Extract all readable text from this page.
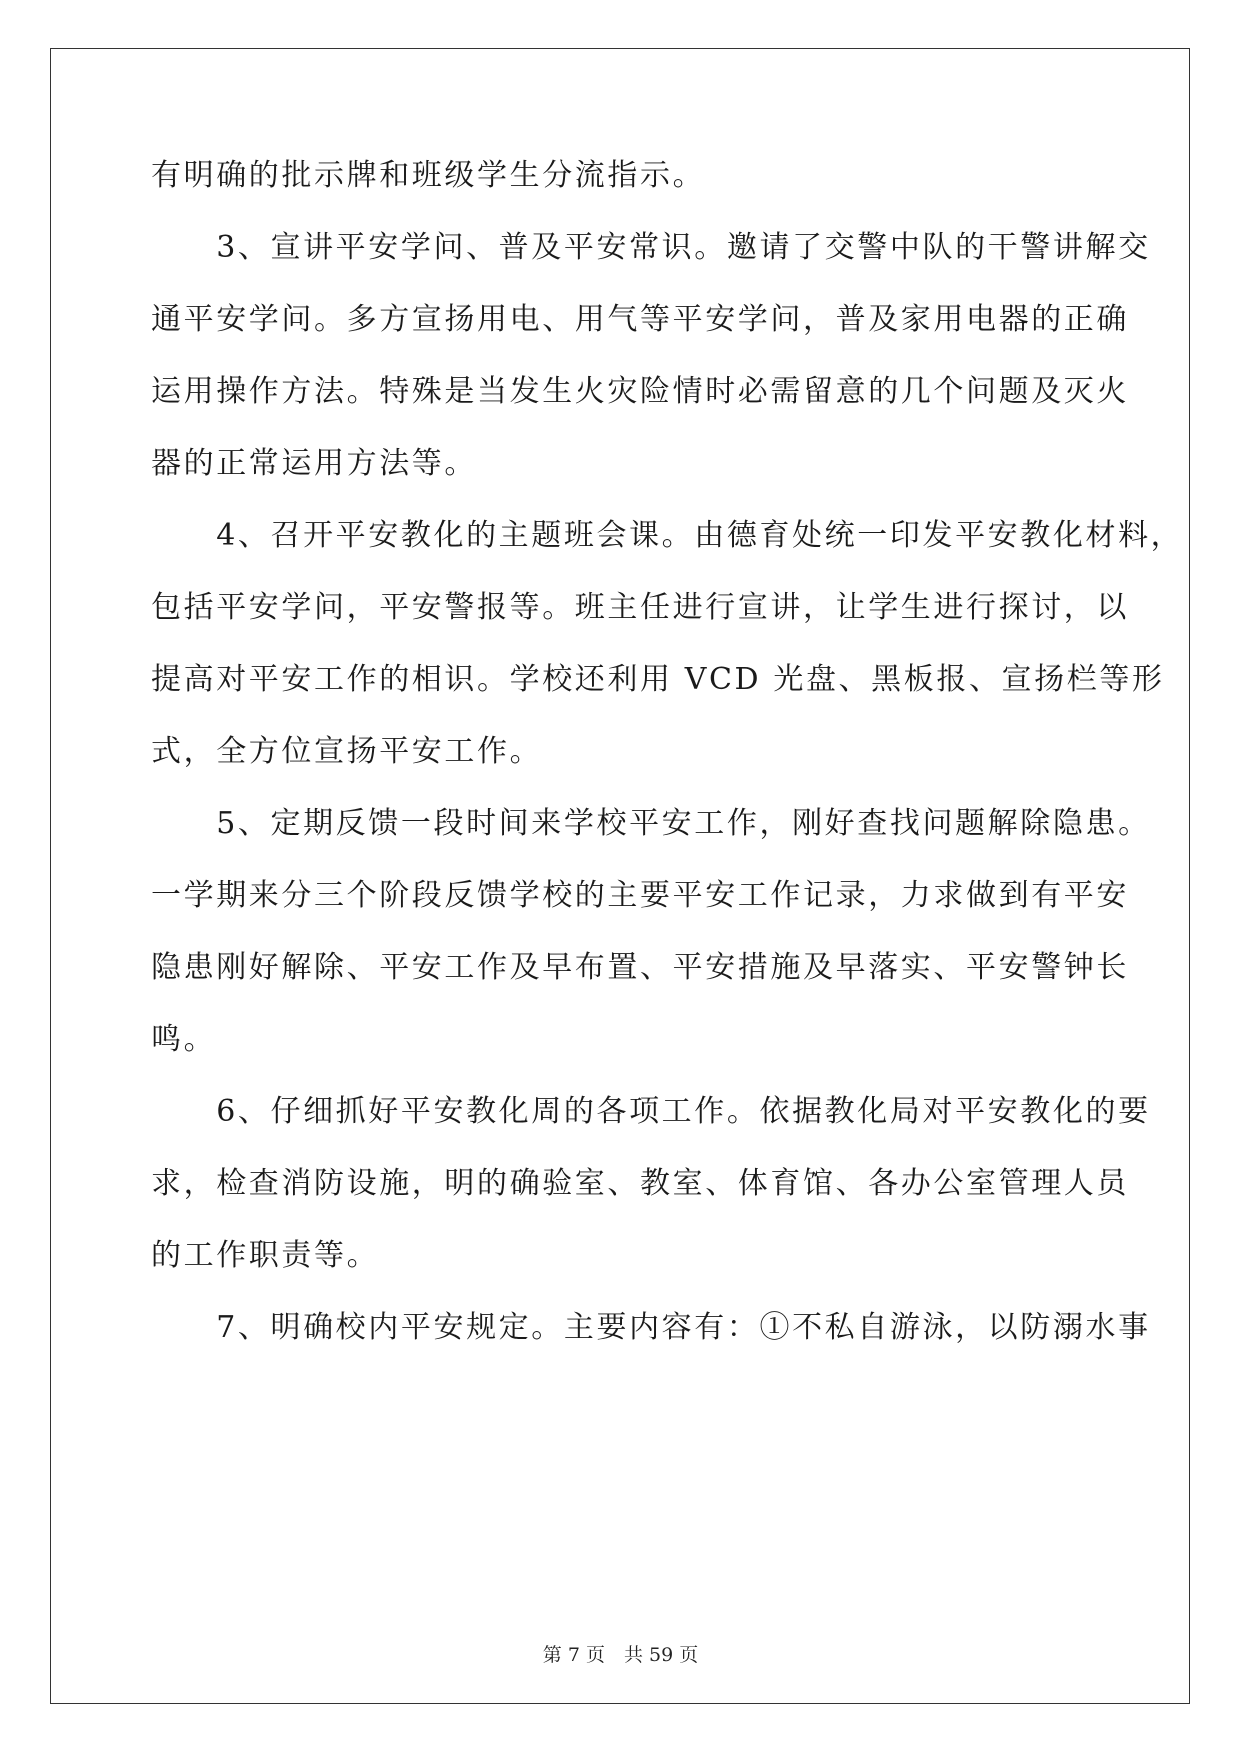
有明确的批示牌和班级学生分流指示。
　　3、宣讲平安学问、普及平安常识。邀请了交警中队的干警讲解交
通平安学问。多方宣扬用电、用气等平安学问，普及家用电器的正确
运用操作方法。特殊是当发生火灾险情时必需留意的几个问题及灭火
器的正常运用方法等。
　　4、召开平安教化的主题班会课。由德育处统一印发平安教化材料，
包括平安学问，平安警报等。班主任进行宣讲，让学生进行探讨，以
提高对平安工作的相识。学校还利用 VCD 光盘、黑板报、宣扬栏等形
式，全方位宣扬平安工作。
　　5、定期反馈一段时间来学校平安工作，刚好查找问题解除隐患。
一学期来分三个阶段反馈学校的主要平安工作记录，力求做到有平安
隐患刚好解除、平安工作及早布置、平安措施及早落实、平安警钟长
鸣。
　　6、仔细抓好平安教化周的各项工作。依据教化局对平安教化的要
求，检查消防设施，明的确验室、教室、体育馆、各办公室管理人员
的工作职责等。
　　7、明确校内平安规定。主要内容有：①不私自游泳，以防溺水事
第 7 页　共 59 页
